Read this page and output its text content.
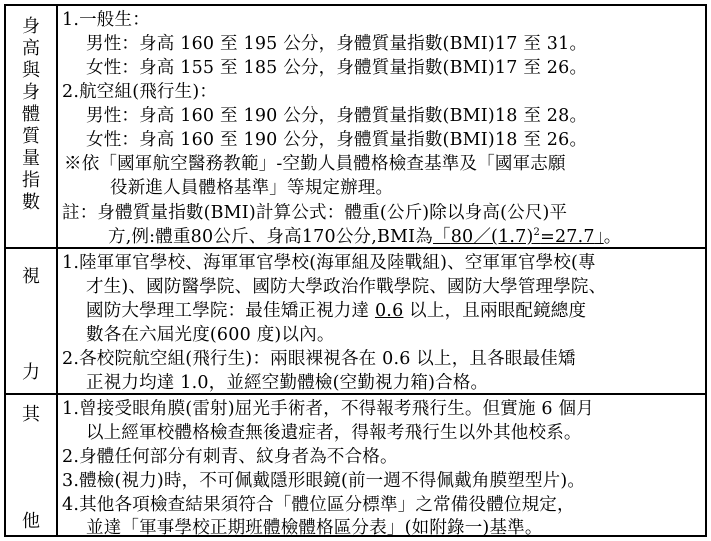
身
高
與
身
體
質
量
指
數
1.一般生：
男性：身高 160 至 195 公分，身體質量指數(BMI)17 至 31。
女性：身高 155 至 185 公分，身體質量指數(BMI)17 至 26。
2.航空組(飛行生)：
男性：身高 160 至 190 公分，身體質量指數(BMI)18 至 28。
女性：身高 160 至 190 公分，身體質量指數(BMI)18 至 26。
※依「國軍航空醫務教範」-空勤人員體格檢查基準及「國軍志願
役新進人員體格基準」等規定辦理。
註：身體質量指數(BMI)計算公式：體重(公斤)除以身高(公尺)平
方,例:體重80公斤、身高170公分,BMI為「$80/(1.7)^2=27.7$」。
視
力
1.陸軍軍官學校、海軍軍官學校(海軍組及陸戰組)、空軍軍官學校(專
才生)、國防醫學院、國防大學政治作戰學院、國防大學管理學院、
國防大學理工學院：最佳矯正視力達 0.6 以上，且兩眼配鏡總度
數各在六屆光度(600 度)以內。
2.各校院航空組(飛行生)：兩眼裸視各在 0.6 以上，且各眼最佳矯
正視力均達 1.0，並經空勤體檢(空勤視力箱)合格。
其
他
1.曾接受眼角膜(雷射)屈光手術者，不得報考飛行生。但實施 6 個月
以上經軍校體格檢查無後遺症者，得報考飛行生以外其他校系。
2.身體任何部分有刺青、紋身者為不合格。
3.體檢(視力)時，不可佩戴隱形眼鏡(前一週不得佩戴角膜塑型片)。
4.其他各項檢查結果須符合「體位區分標準」之常備役體位規定，
並達「軍事學校正期班體檢體格區分表」(如附錄一)基準。
